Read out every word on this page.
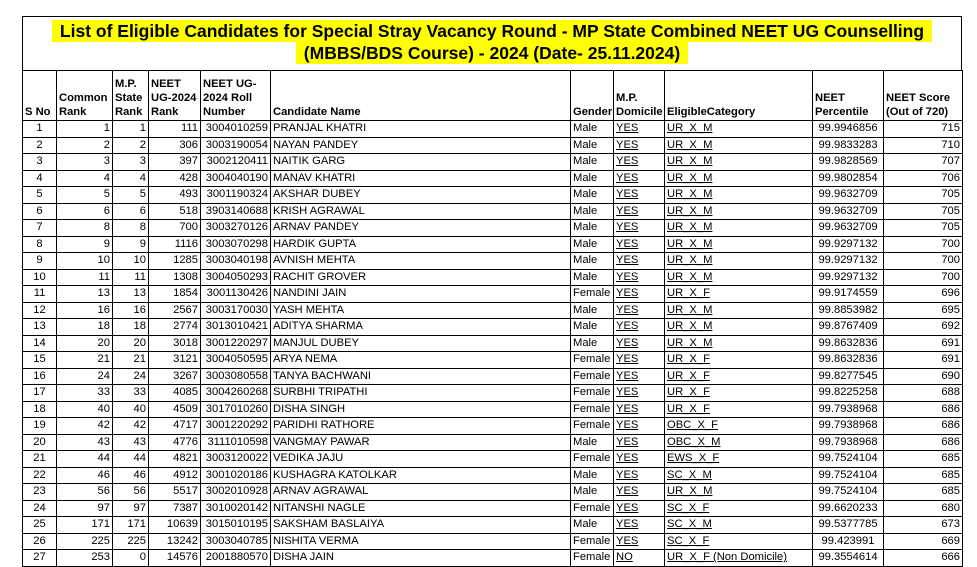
List of Eligible Candidates for Special Stray Vacancy Round - MP State Combined NEET UG Counselling
(MBBS/BDS Course) - 2024 (Date- 25.11.2024)
S No	Common Rank	M.P. State Rank	NEET UG-2024 Rank	NEET UG-2024 Roll Number	Candidate Name	Gender	M.P. Domicile	EligibleCategory	NEET Percentile	NEET Score (Out of 720)
1	1	1	111	3004010259	PRANJAL KHATRI	Male	YES	UR_X_M	99.9946856	715
2	2	2	306	3003190054	NAYAN PANDEY	Male	YES	UR_X_M	99.9833283	710
3	3	3	397	3002120411	NAITIK GARG	Male	YES	UR_X_M	99.9828569	707
4	4	4	428	3004040190	MANAV KHATRI	Male	YES	UR_X_M	99.9802854	706
5	5	5	493	3001190324	AKSHAR DUBEY	Male	YES	UR_X_M	99.9632709	705
6	6	6	518	3903140688	KRISH AGRAWAL	Male	YES	UR_X_M	99.9632709	705
7	8	8	700	3003270126	ARNAV PANDEY	Male	YES	UR_X_M	99.9632709	705
8	9	9	1116	3003070298	HARDIK GUPTA	Male	YES	UR_X_M	99.9297132	700
9	10	10	1285	3003040198	AVNISH MEHTA	Male	YES	UR_X_M	99.9297132	700
10	11	11	1308	3004050293	RACHIT GROVER	Male	YES	UR_X_M	99.9297132	700
11	13	13	1854	3001130426	NANDINI JAIN	Female	YES	UR_X_F	99.9174559	696
12	16	16	2567	3003170030	YASH MEHTA	Male	YES	UR_X_M	99.8853982	695
13	18	18	2774	3013010421	ADITYA SHARMA	Male	YES	UR_X_M	99.8767409	692
14	20	20	3018	3001220297	MANJUL DUBEY	Male	YES	UR_X_M	99.8632836	691
15	21	21	3121	3004050595	ARYA NEMA	Female	YES	UR_X_F	99.8632836	691
16	24	24	3267	3003080558	TANYA BACHWANI	Female	YES	UR_X_F	99.8277545	690
17	33	33	4085	3004260268	SURBHI TRIPATHI	Female	YES	UR_X_F	99.8225258	688
18	40	40	4509	3017010260	DISHA SINGH	Female	YES	UR_X_F	99.7938968	686
19	42	42	4717	3001220292	PARIDHI RATHORE	Female	YES	OBC_X_F	99.7938968	686
20	43	43	4776	3111010598	VANGMAY PAWAR	Male	YES	OBC_X_M	99.7938968	686
21	44	44	4821	3003120022	VEDIKA JAJU	Female	YES	EWS_X_F	99.7524104	685
22	46	46	4912	3001020186	KUSHAGRA KATOLKAR	Male	YES	SC_X_M	99.7524104	685
23	56	56	5517	3002010928	ARNAV AGRAWAL	Male	YES	UR_X_M	99.7524104	685
24	97	97	7387	3010020142	NITANSHI NAGLE	Female	YES	SC_X_F	99.6620233	680
25	171	171	10639	3015010195	SAKSHAM BASLAIYA	Male	YES	SC_X_M	99.5377785	673
26	225	225	13242	3003040785	NISHITA VERMA	Female	YES	SC_X_F	99.423991	669
27	253	0	14576	2001880570	DISHA JAIN	Female	NO	UR_X_F (Non Domicile)	99.3554614	666
